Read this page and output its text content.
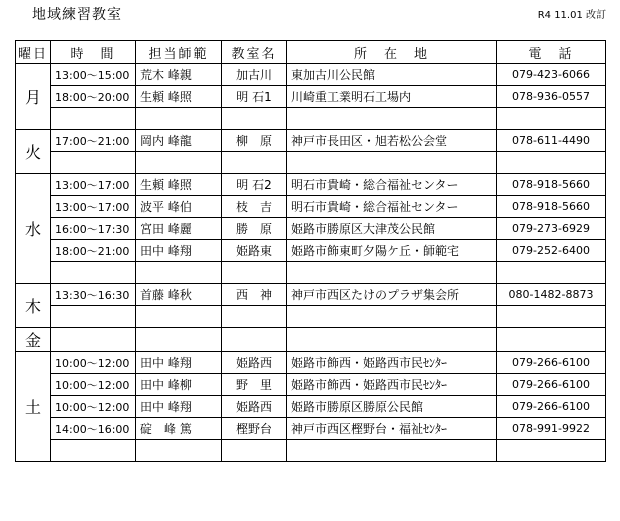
地域練習教室	R4 11.01 改訂
曜日	時　間	担当師範	教室名	所　在　地	電　話
月	13:00～15:00	荒木 峰親	加古川	東加古川公民館	079-423-6066
	18:00～20:00	生頼 峰照	明 石1	川崎重工業明石工場内	078-936-0557

火	17:00～21:00	岡内 峰龍	柳　原	神戸市長田区・旭若松公会堂	078-611-4490

水	13:00～17:00	生頼 峰照	明 石2	明石市貴崎・総合福祉センター	078-918-5660
	13:00～17:00	波平 峰伯	枝　吉	明石市貴崎・総合福祉センター	078-918-5660
	16:00～17:30	宮田 峰麗	勝　原	姫路市勝原区大津茂公民館	079-273-6929
	18:00～21:00	田中 峰翔	姫路東	姫路市飾東町夕陽ケ丘・師範宅	079-252-6400

木	13:30～16:30	首藤 峰秋	西　神	神戸市西区たけのプラザ集会所	080-1482-8873

金					
土	10:00～12:00	田中 峰翔	姫路西	姫路市飾西・姫路西市民ｾﾝﾀｰ	079-266-6100
	10:00～12:00	田中 峰柳	野　里	姫路市飾西・姫路西市民ｾﾝﾀｰ	079-266-6100
	10:00～12:00	田中 峰翔	姫路西	姫路市勝原区勝原公民館	079-266-6100
	14:00～16:00	碇　峰 篤	樫野台	神戸市西区樫野台・福祉ｾﾝﾀｰ	078-991-9922
